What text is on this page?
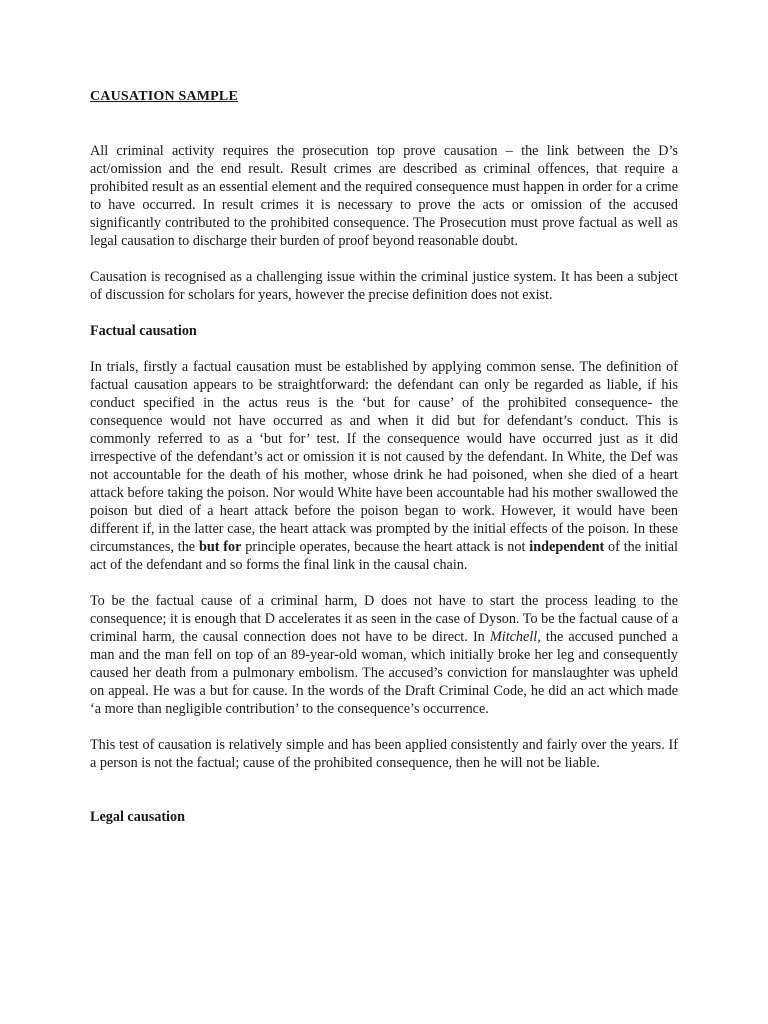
CAUSATION SAMPLE

All criminal activity requires the prosecution top prove causation – the link between the D’s act/omission and the end result. Result crimes are described as criminal offences, that require a prohibited result as an essential element and the required consequence must happen in order for a crime to have occurred. In result crimes it is necessary to prove the acts or omission of the accused significantly contributed to the prohibited consequence. The Prosecution must prove factual as well as legal causation to discharge their burden of proof beyond reasonable doubt.

Causation is recognised as a challenging issue within the criminal justice system. It has been a subject of discussion for scholars for years, however the precise definition does not exist.

Factual causation

In trials, firstly a factual causation must be established by applying common sense. The definition of factual causation appears to be straightforward: the defendant can only be regarded as liable, if his conduct specified in the actus reus is the ‘but for cause’ of the prohibited consequence- the consequence would not have occurred as and when it did but for defendant’s conduct. This is commonly referred to as a ‘but for’ test. If the consequence would have occurred just as it did irrespective of the defendant’s act or omission it is not caused by the defendant. In White, the Def was not accountable for the death of his mother, whose drink he had poisoned, when she died of a heart attack before taking the poison. Nor would White have been accountable had his mother swallowed the poison but died of a heart attack before the poison began to work. However, it would have been different if, in the latter case, the heart attack was prompted by the initial effects of the poison. In these circumstances, the but for principle operates, because the heart attack is not independent of the initial act of the defendant and so forms the final link in the causal chain.

To be the factual cause of a criminal harm, D does not have to start the process leading to the consequence; it is enough that D accelerates it as seen in the case of Dyson. To be the factual cause of a criminal harm, the causal connection does not have to be direct. In Mitchell, the accused punched a man and the man fell on top of an 89-year-old woman, which initially broke her leg and consequently caused her death from a pulmonary embolism. The accused’s conviction for manslaughter was upheld on appeal. He was a but for cause. In the words of the Draft Criminal Code, he did an act which made ‘a more than negligible contribution’ to the consequence’s occurrence.

This test of causation is relatively simple and has been applied consistently and fairly over the years. If a person is not the factual; cause of the prohibited consequence, then he will not be liable.

Legal causation
